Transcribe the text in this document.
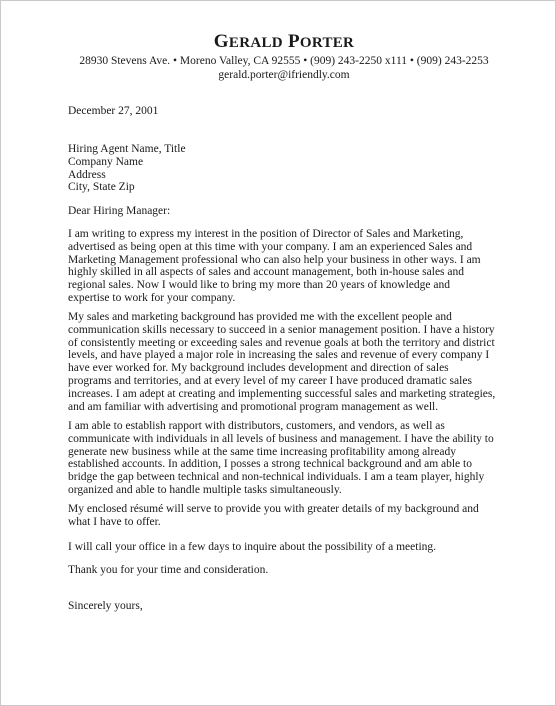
GERALD PORTER
28930 Stevens Ave. • Moreno Valley, CA 92555 • (909) 243-2250 x111 • (909) 243-2253
gerald.porter@ifriendly.com
December 27, 2001
Hiring Agent Name, Title
Company Name
Address
City, State Zip
Dear Hiring Manager:
I am writing to express my interest in the position of Director of Sales and Marketing,
advertised as being open at this time with your company. I am an experienced Sales and
Marketing Management professional who can also help your business in other ways. I am
highly skilled in all aspects of sales and account management, both in-house sales and
regional sales. Now I would like to bring my more than 20 years of knowledge and
expertise to work for your company.
My sales and marketing background has provided me with the excellent people and
communication skills necessary to succeed in a senior management position. I have a history
of consistently meeting or exceeding sales and revenue goals at both the territory and district
levels, and have played a major role in increasing the sales and revenue of every company I
have ever worked for. My background includes development and direction of sales
programs and territories, and at every level of my career I have produced dramatic sales
increases. I am adept at creating and implementing successful sales and marketing strategies,
and am familiar with advertising and promotional program management as well.
I am able to establish rapport with distributors, customers, and vendors, as well as
communicate with individuals in all levels of business and management. I have the ability to
generate new business while at the same time increasing profitability among already
established accounts. In addition, I posses a strong technical background and am able to
bridge the gap between technical and non-technical individuals. I am a team player, highly
organized and able to handle multiple tasks simultaneously.
My enclosed résumé will serve to provide you with greater details of my background and
what I have to offer.
I will call your office in a few days to inquire about the possibility of a meeting.
Thank you for your time and consideration.
Sincerely yours,
